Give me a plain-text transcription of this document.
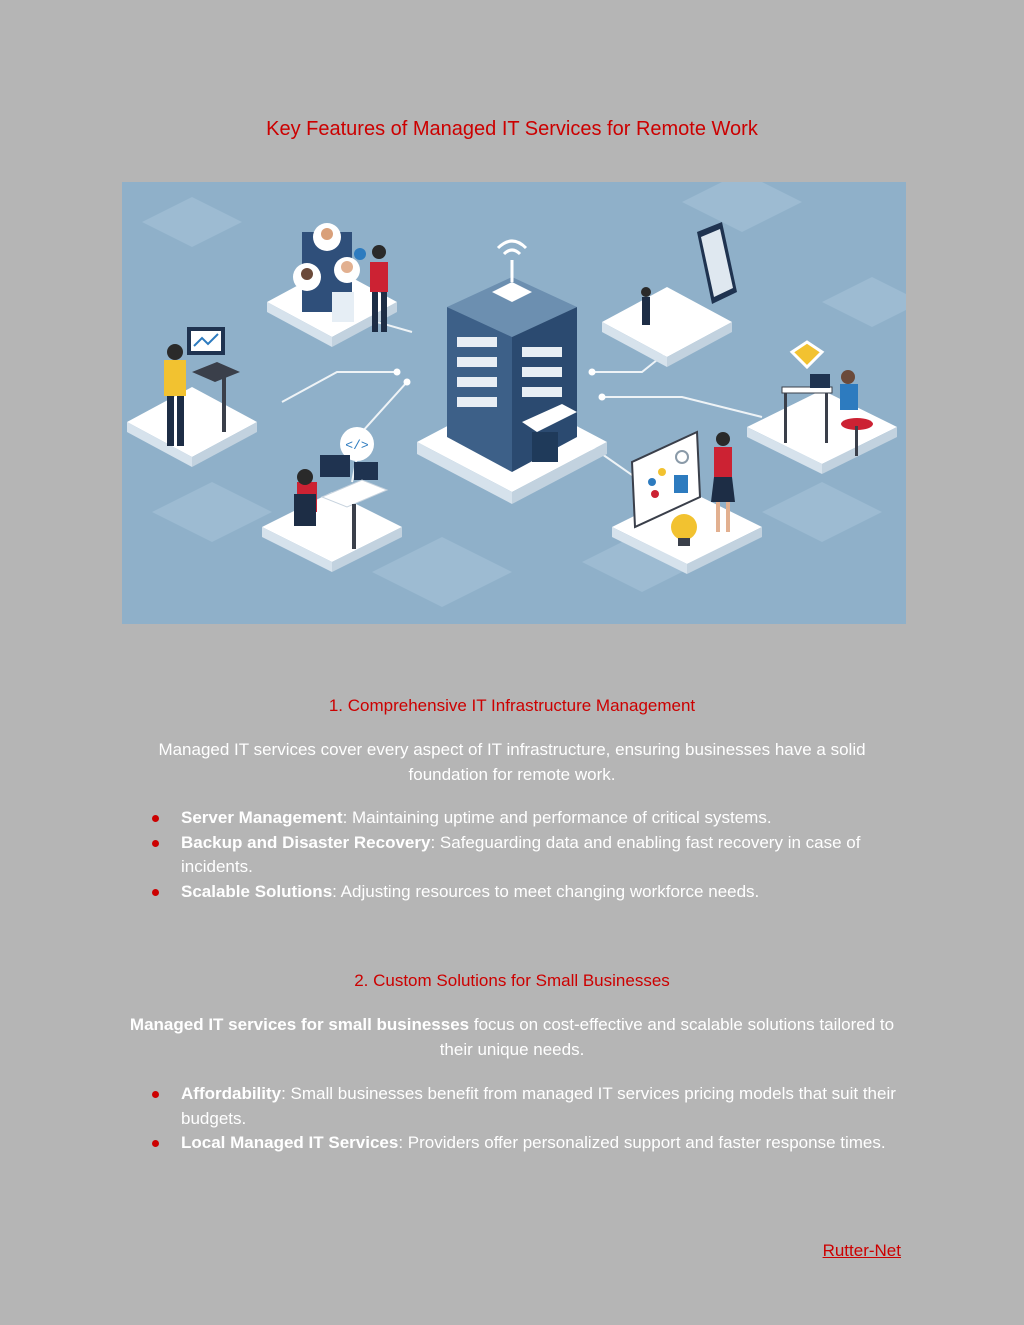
Key Features of Managed IT Services for Remote Work
</>
1. Comprehensive IT Infrastructure Management
Managed IT services cover every aspect of IT infrastructure, ensuring businesses have a solid foundation for remote work.
Server Management: Maintaining uptime and performance of critical systems.
Backup and Disaster Recovery: Safeguarding data and enabling fast recovery in case of incidents.
Scalable Solutions: Adjusting resources to meet changing workforce needs.
2. Custom Solutions for Small Businesses
Managed IT services for small businesses focus on cost-effective and scalable solutions tailored to their unique needs.
Affordability: Small businesses benefit from managed IT services pricing models that suit their budgets.
Local Managed IT Services: Providers offer personalized support and faster response times.
Rutter-Net
